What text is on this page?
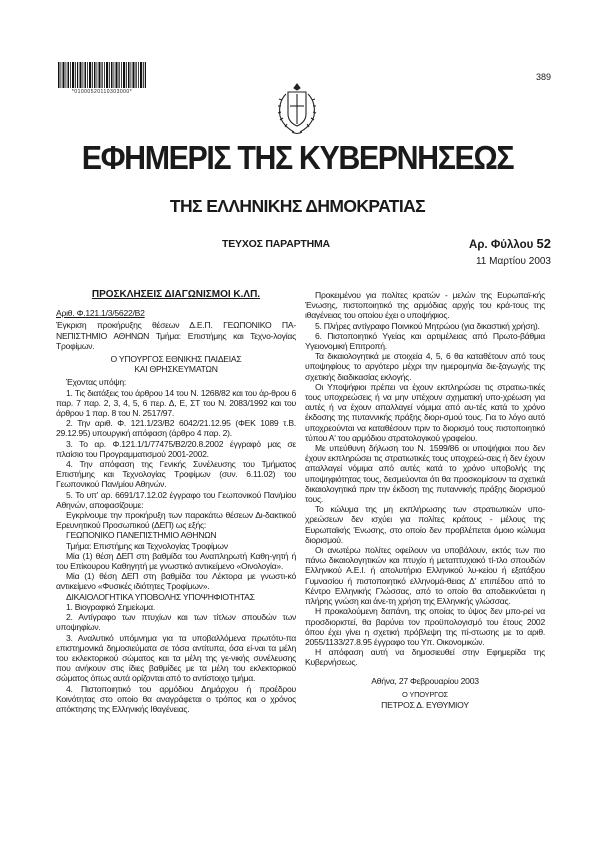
*01000520110303000*
389
ΕΦΗΜΕΡΙΣ ΤΗΣ ΚΥΒΕΡΝΗΣΕΩΣ
ΤΗΣ ΕΛΛΗΝΙΚΗΣ ΔΗΜΟΚΡΑΤΙΑΣ
ΤΕΥΧΟΣ ΠΑΡΑΡΤΗΜΑ	Αρ. Φύλλου 52
11 Μαρτίου 2003

ΠΡΟΣΚΛΗΣΕΙΣ ΔΙΑΓΩΝΙΣΜΟΙ Κ.ΛΠ.

Αριθ. Φ.121.1/3/5622/Β2

Έγκριση προκήρυξης θέσεων Δ.Ε.Π. ΓΕΩΠΟΝΙΚΟ ΠΑ-ΝΕΠΙΣΤΗΜΙΟ ΑΘΗΝΩΝ Τμήμα: Επιστήμης και Τεχνο-λογίας Τροφίμων.

Ο ΥΠΟΥΡΓΟΣ ΕΘΝΙΚΗΣ ΠΑΙΔΕΙΑΣ

ΚΑΙ ΘΡΗΣΚΕΥΜΑΤΩΝ

Έχοντας υπόψη:

1. Τις διατάξεις του άρθρου 14 του Ν. 1268/82 και του άρ-θρου 6 παρ. 7 παρ. 2, 3, 4, 5, 6 περ. Δ, Ε, ΣΤ του Ν. 2083/1992 και του άρθρου 1 παρ. 8 του Ν. 2517/97.

2. Την αριθ. Φ. 121.1/23/Β2 6042/21.12.95 (ΦΕΚ 1089 τ.Β. 29.12.95) υπουργική απόφαση (άρθρο 4 παρ. 2).

3. Το αρ. Φ.121.1/1/77475/Β2/20.8.2002 έγγραφό μας σε πλαίσιο του Προγραμματισμού 2001-2002.

4. Την απόφαση της Γενικής Συνέλευσης του Τμήματος Επιστήμης και Τεχνολογίας Τροφίμων (συν. 6.11.02) του Γεωπονικού Παν/μίου Αθηνών.

5. Το υπ' αρ. 6691/17.12.02 έγγραφο του Γεωπονικού Παν/μίου Αθηνών, αποφασίζουμε:

Εγκρίνουμε την προκήρυξη των παρακάτω θέσεων Δι-δακτικού Ερευνητικού Προσωπικού (ΔΕΠ) ως εξής:

ΓΕΩΠΟΝΙΚΟ ΠΑΝΕΠΙΣΤΗΜΙΟ ΑΘΗΝΩΝ

Τμήμα: Επιστήμης και Τεχνολογίας Τροφίμων

Μία (1) θέση ΔΕΠ στη βαθμίδα του Αναπληρωτή Καθη-γητή ή του Επίκουρου Καθηγητή με γνωστικό αντικείμενο «Οινολογία».

Μία (1) θέση ΔΕΠ στη βαθμίδα του Λέκτορα με γνωστι-κό αντικείμενο «Φυσικές ιδιότητες Τροφίμων».

ΔΙΚΑΙΟΛΟΓΗΤΙΚΑ ΥΠΟΒΟΛΗΣ ΥΠΟΨΗΦΙΟΤΗΤΑΣ

1. Βιογραφικό Σημείωμα.

2. Αντίγραφο των πτυχίων και των τίτλων σπουδών των υποψηφίων.

3. Αναλυτικό υπόμνημα για τα υποβαλλόμενα πρωτότυ-πα επιστημονικά δημοσιεύματα σε τόσα αντίτυπα, όσα εί-ναι τα μέλη του εκλεκτορικού σώματος και τα μέλη της γε-νικής συνέλευσης που ανήκουν στις ίδιες βαθμίδες με τα μέλη του εκλεκτορικού σώματος όπως αυτά ορίζονται από το αντίστοιχο τμήμα.

4. Πιστοποιητικό του αρμόδιου Δημάρχου ή προέδρου Κοινότητας στο οποίο θα αναγράφεται ο τρόπος και ο χρόνος απόκτησης της Ελληνικής Ιθαγένειας.

Προκειμένου για πολίτες κρατών - μελών της Ευρωπαϊ-κής Ένωσης, πιστοποιητικό της αρμόδιας αρχής του κρά-τους της ιθαγένειας του οποίου έχει ο υποψήφιος.

5. Πλήρες αντίγραφο Ποινικού Μητρώου (για δικαστική χρήση).

6. Πιστοποιητικό Υγείας και αρτιμέλειας από Πρωτο-βάθμια Υγειονομική Επιτροπή.

Τα δικαιολογητικά με στοιχεία 4, 5, 6 θα καταθέτουν από τους υποψηφίους το αργότερο μέχρι την ημερομηνία διε-ξαγωγής της σχετικής διαδικασίας εκλογής.

Οι Υποψήφιοι πρέπει να έχουν εκπληρώσει τις στρατιω-τικές τους υποχρεώσεις ή να μην υπέχουν σχηματική υπο-χρέωση για αυτές ή να έχουν απαλλαγεί νόμιμα από αυ-τές κατά το χρόνο έκδοσης της πυταννικής πράξης διορι-σμού τους. Για το λόγο αυτό υποχρεούνται να καταθέσουν πριν το διορισμό τους πιστοποιητικό τύπου Α' του αρμόδιου στρατολογικού γραφείου.

Με υπεύθυνη δήλωση του Ν. 1599/86 οι υποψήφιοι που δεν έχουν εκπληρώσει τις στρατιωτικές τους υποχρεώ-σεις ή δεν έχουν απαλλαγεί νόμιμα από αυτές κατά το χρόνο υποβολής της υποψηφιότητας τους, δεσμεύονται ότι θα προσκομίσουν τα σχετικά δικαιολογητικά πριν την έκδοση της πυταννικής πράξης διορισμού τους.

Το κώλυμα της μη εκπλήρωσης των στρατιωτικών υπο-χρεώσεων δεν ισχύει για πολίτες κράτους - μέλους της Ευρωπαϊκής Ένωσης, στο οποίο δεν προβλέπεται όμοιο κώλυμα διορισμού.

Οι ανωτέρω πολίτες οφείλουν να υποβάλουν, εκτός των πιο πάνω δικαιολογητικών και πτυχίο ή μεταπτυχιακό τί-τλο σπουδών Ελληνικού Α.Ε.Ι. ή απολυτήριο Ελληνικού λυ-κείου ή εξατάξιου Γυμνασίου ή πιστοποιητικό ελληνομά-θειας Δ' επιπέδου από το Κέντρο Ελληνικής Γλώσσας, από το οποίο θα αποδεικνύεται η πλήρης γνώση και άνε-τη χρήση της Ελληνικής γλώσσας.

Η προκαλούμενη δαπάνη, της οποίας το ύψος δεν μπο-ρεί να προσδιοριστεί, θα βαρύνει τον προϋπολογισμό του έτους 2002 όπου έχει γίνει η σχετική πρόβλεψη της πί-στωσης με το αριθ. 2055/1133/27.8.95 έγγραφο του Υπ. Οικονομικών.

Η απόφαση αυτή να δημοσιευθεί στην Εφημερίδα της Κυβερνήσεως.

Αθήνα, 27 Φεβρουαρίου 2003

Ο ΥΠΟΥΡΓΟΣ

ΠΕΤΡΟΣ Δ. ΕΥΘΥΜΙΟΥ
